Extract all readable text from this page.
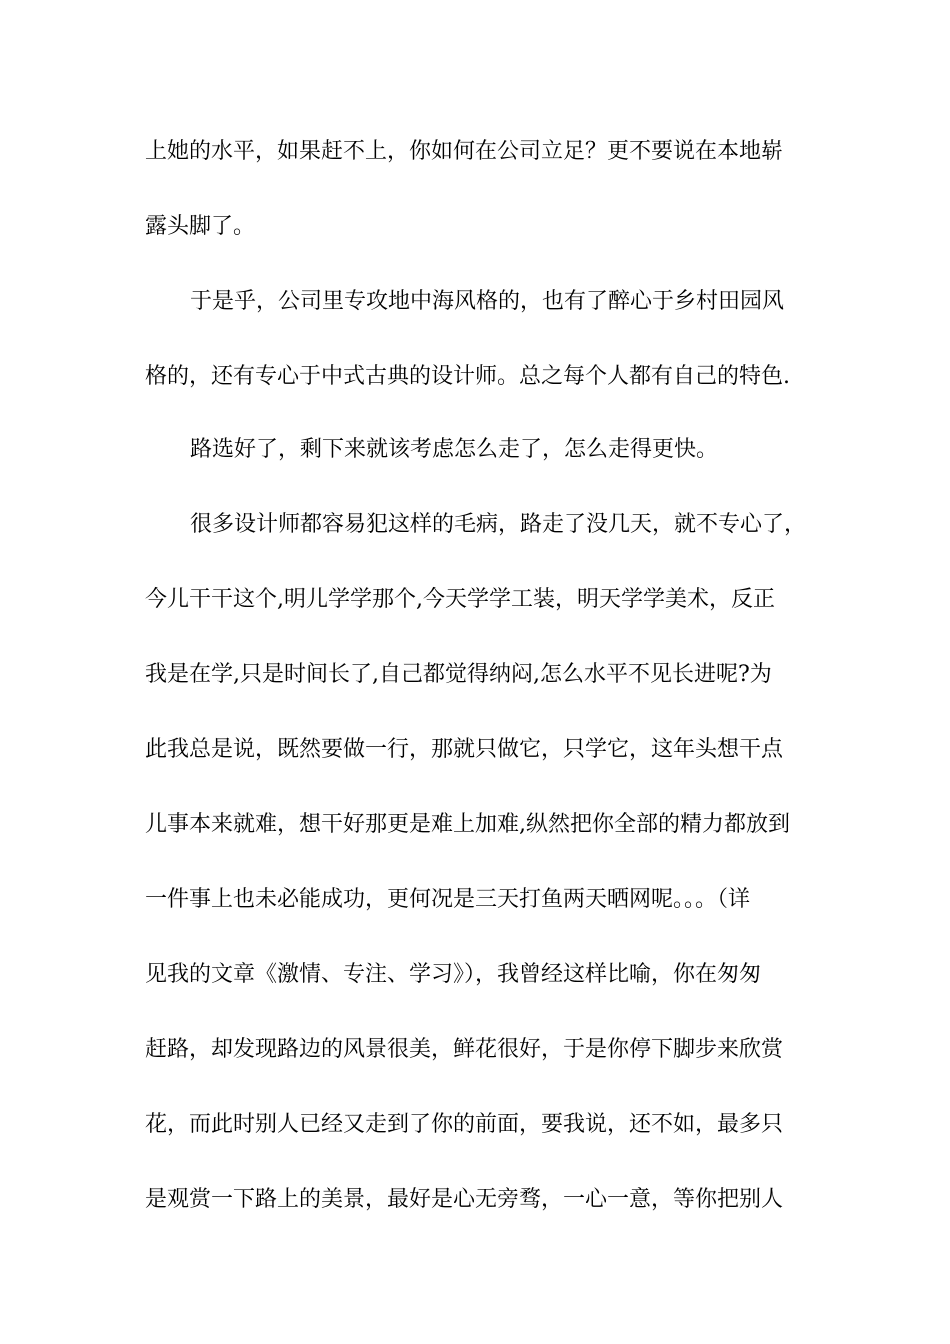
上她的水平，如果赶不上，你如何在公司立足？更不要说在本地崭
露头脚了。
于是乎，公司里专攻地中海风格的，也有了醉心于乡村田园风
格的，还有专心于中式古典的设计师。总之每个人都有自己的特色.
路选好了，剩下来就该考虑怎么走了，怎么走得更快。
很多设计师都容易犯这样的毛病，路走了没几天，就不专心了，
今儿干干这个,明儿学学那个,今天学学工装，明天学学美术，反正
我是在学,只是时间长了,自己都觉得纳闷,怎么水平不见长进呢?为
此我总是说，既然要做一行，那就只做它，只学它，这年头想干点
儿事本来就难，想干好那更是难上加难,纵然把你全部的精力都放到
一件事上也未必能成功，更何况是三天打鱼两天晒网呢。。。（详
见我的文章《激情、专注、学习》），我曾经这样比喻，你在匆匆
赶路，却发现路边的风景很美，鲜花很好，于是你停下脚步来欣赏
花，而此时别人已经又走到了你的前面，要我说，还不如，最多只
是观赏一下路上的美景，最好是心无旁骛，一心一意，等你把别人
